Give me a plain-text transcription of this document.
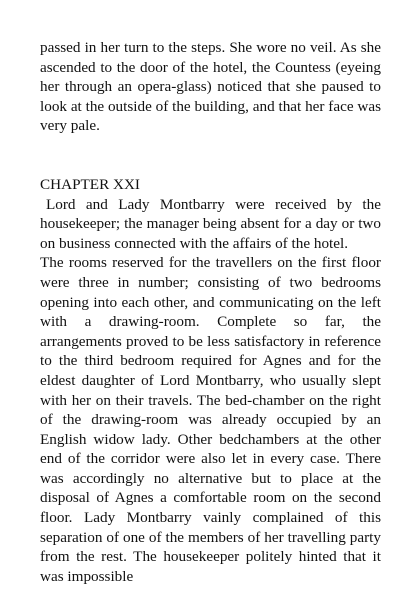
passed in her turn to the steps. She wore no veil. As she ascended to the door of the hotel, the Countess (eyeing her through an opera-glass) noticed that she paused to look at the outside of the building, and that her face was very pale.

CHAPTER XXI

Lord and Lady Montbarry were received by the housekeeper; the manager being absent for a day or two on business connected with the affairs of the hotel.

The rooms reserved for the travellers on the first floor were three in number; consisting of two bedrooms opening into each other, and communicating on the left with a drawing-room. Complete so far, the arrangements proved to be less satisfactory in reference to the third bedroom required for Agnes and for the eldest daughter of Lord Montbarry, who usually slept with her on their travels. The bed-chamber on the right of the drawing-room was already occupied by an English widow lady. Other bedchambers at the other end of the corridor were also let in every case. There was accordingly no alternative but to place at the disposal of Agnes a comfortable room on the second floor. Lady Montbarry vainly complained of this separation of one of the members of her travelling party from the rest. The housekeeper politely hinted that it was impossible
